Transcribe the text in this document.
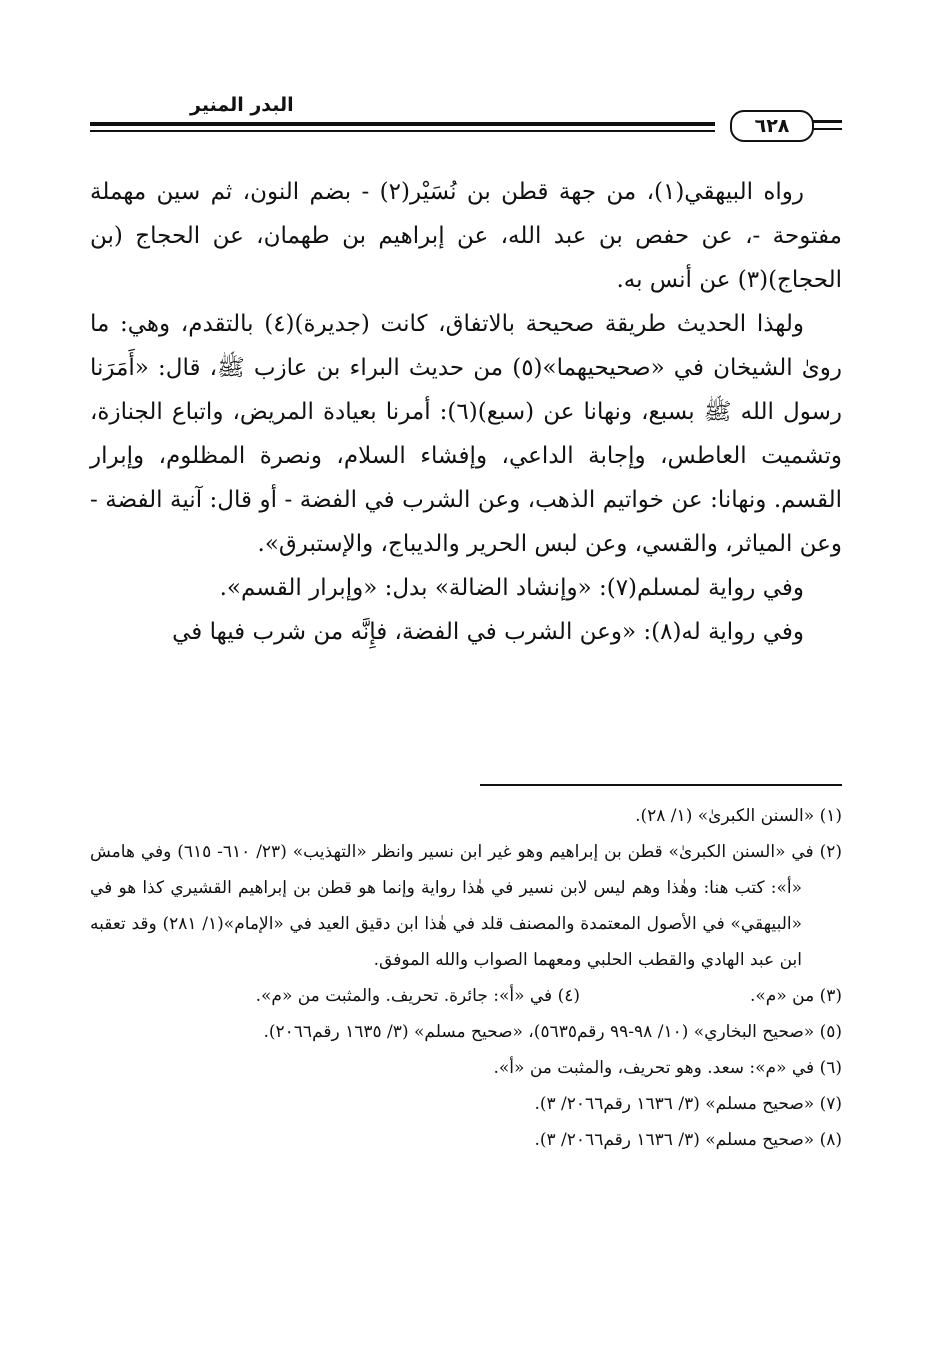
البدر المنير
٦٢٨

رواه البيهقي(١)، من جهة قطن بن نُسَيْر(٢) - بضم النون، ثم سين مهملة مفتوحة -، عن حفص بن عبد الله، عن إبراهيم بن طهمان، عن الحجاج (بن الحجاج)(٣) عن أنس به.

ولهذا الحديث طريقة صحيحة بالاتفاق، كانت (جديرة)(٤) بالتقدم، وهي: ما روىٰ الشيخان في «صحيحيهما»(٥) من حديث البراء بن عازب ﷺ، قال: «أَمَرَنا رسول الله ﷺ بسبع، ونهانا عن (سبع)(٦): أمرنا بعيادة المريض، واتباع الجنازة، وتشميت العاطس، وإجابة الداعي، وإفشاء السلام، ونصرة المظلوم، وإبرار القسم. ونهانا: عن خواتيم الذهب، وعن الشرب في الفضة - أو قال: آنية الفضة - وعن المياثر، والقسي، وعن لبس الحرير والديباج، والإستبرق».

وفي رواية لمسلم(٧): «وإنشاد الضالة» بدل: «وإبرار القسم».

وفي رواية له(٨): «وعن الشرب في الفضة، فإِنَّه من شرب فيها في

(١) «السنن الكبرىٰ» (١/ ٢٨).

(٢) في «السنن الكبرىٰ» قطن بن إبراهيم وهو غير ابن نسير وانظر «التهذيب» (٢٣/ ٦١٠- ٦١٥) وفي هامش «أ»: كتب هنا: وهٰذا وهم ليس لابن نسير في هٰذا رواية وإنما هو قطن بن إبراهيم القشيري كذا هو في «البيهقي» في الأصول المعتمدة والمصنف قلد في هٰذا ابن دقيق العيد في «الإمام»(١/ ٢٨١) وقد تعقبه ابن عبد الهادي والقطب الحلبي ومعهما الصواب والله الموفق.

(٣) من «م».

(٤) في «أ»: جائرة. تحريف. والمثبت من «م».

(٥) «صحيح البخاري» (١٠/ ٩٨-٩٩ رقم٥٦٣٥)، «صحيح مسلم» (٣/ ١٦٣٥ رقم٢٠٦٦).

(٦) في «م»: سعد. وهو تحريف، والمثبت من «أ».

(٧) «صحيح مسلم» (٣/ ١٦٣٦ رقم٢٠٦٦/ ٣).

(٨) «صحيح مسلم» (٣/ ١٦٣٦ رقم٢٠٦٦/ ٣).
